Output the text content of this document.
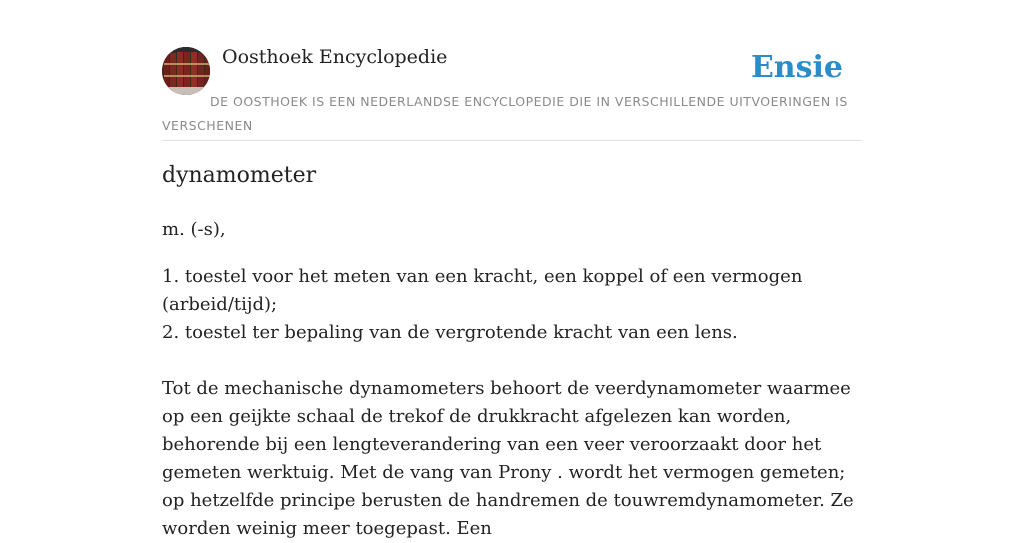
Oosthoek Encyclopedie	Ensie
DE OOSTHOEK IS EEN NEDERLANDSE ENCYCLOPEDIE DIE IN VERSCHILLENDE UITVOERINGEN IS VERSCHENEN
dynamometer
m. (-s),
1. toestel voor het meten van een kracht, een koppel of een vermogen (arbeid/tijd);
2. toestel ter bepaling van de vergrotende kracht van een lens.

Tot de mechanische dynamometers behoort de veerdynamometer waarmee op een geijkte schaal de trekof de drukkracht afgelezen kan worden, behorende bij een lengteverandering van een veer veroorzaakt door het gemeten werktuig. Met de vang van Prony . wordt het vermogen gemeten; op hetzelfde principe berusten de handremen de touwremdynamometer. Ze worden weinig meer toegepast. Een
